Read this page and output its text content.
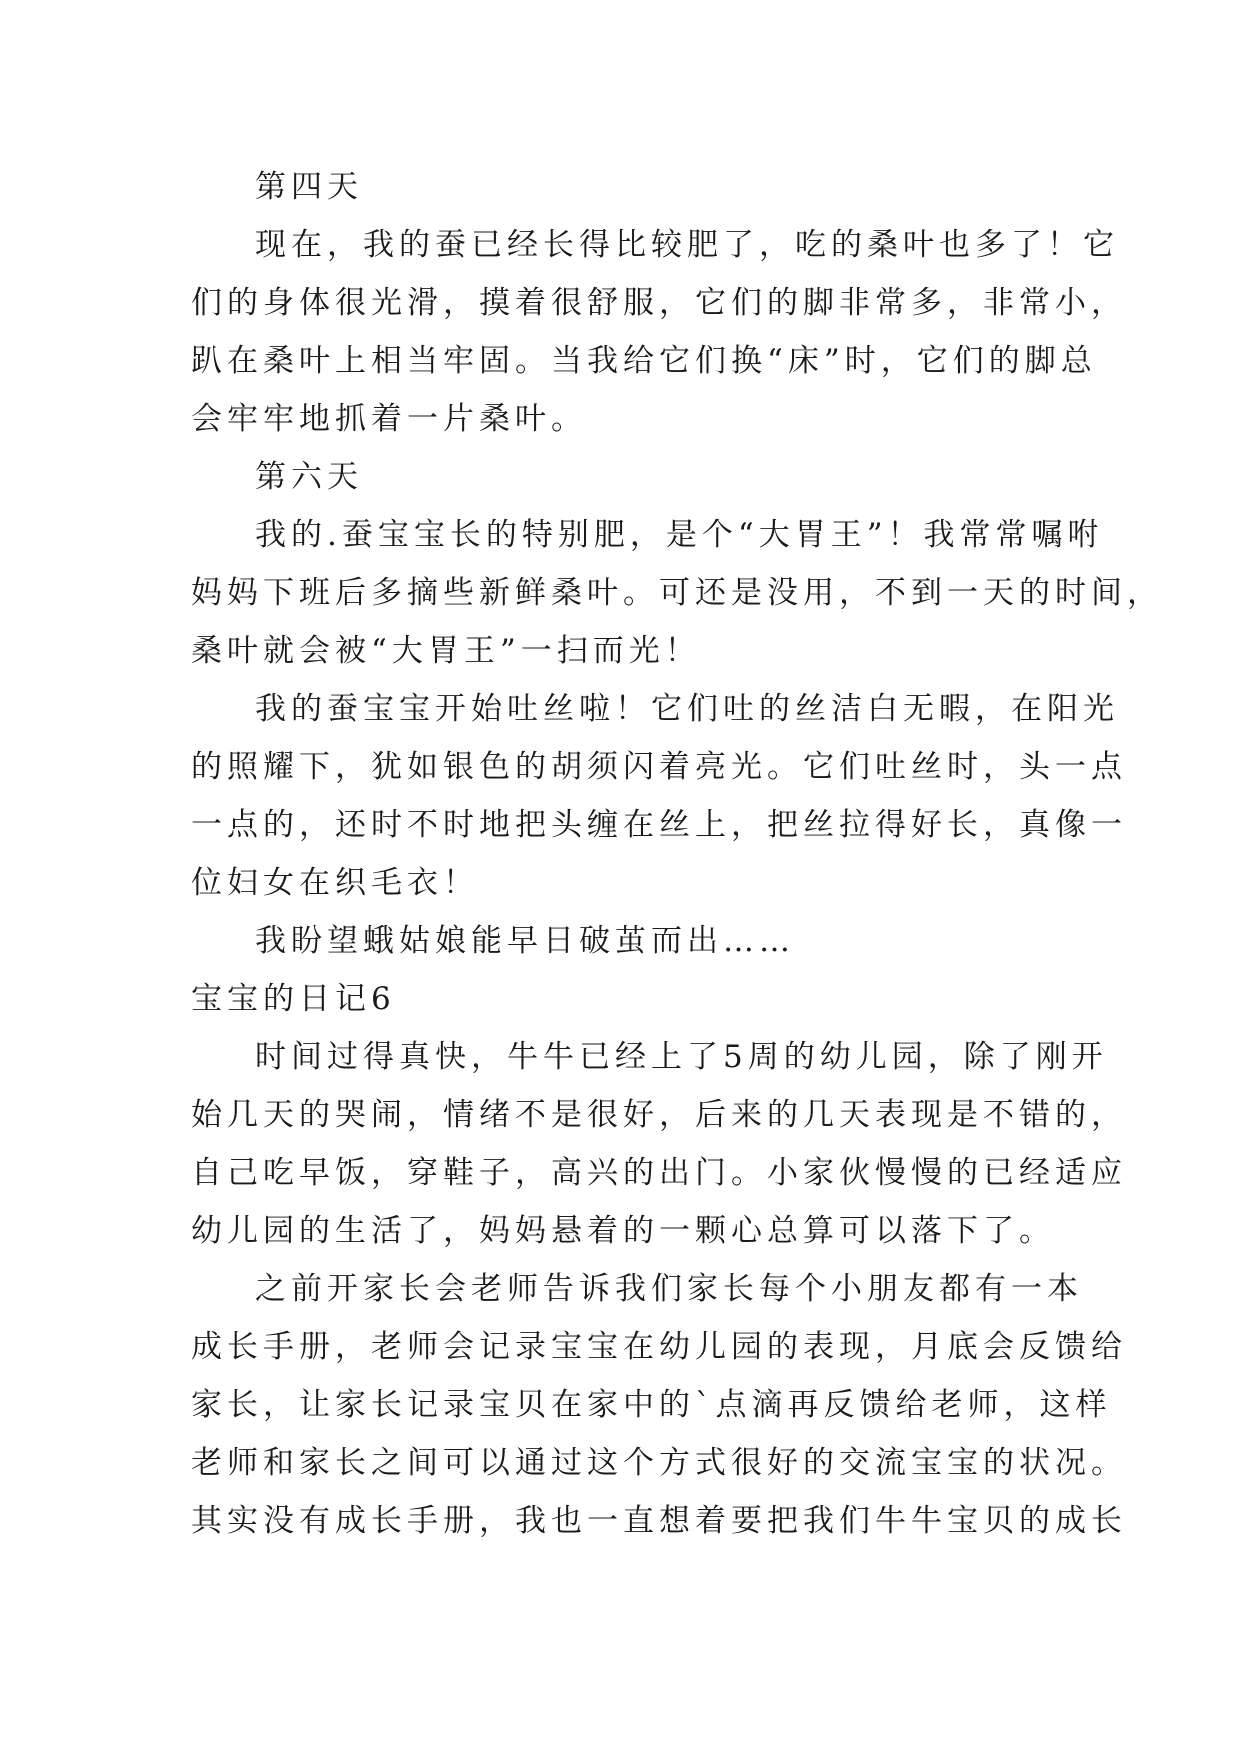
第四天
现在，我的蚕已经长得比较肥了，吃的桑叶也多了！它
们的身体很光滑，摸着很舒服，它们的脚非常多，非常小，
趴在桑叶上相当牢固。当我给它们换“床”时，它们的脚总
会牢牢地抓着一片桑叶。
第六天
我的.蚕宝宝长的特别肥，是个“大胃王”！我常常嘱咐
妈妈下班后多摘些新鲜桑叶。可还是没用，不到一天的时间，
桑叶就会被“大胃王”一扫而光！
我的蚕宝宝开始吐丝啦！它们吐的丝洁白无暇，在阳光
的照耀下，犹如银色的胡须闪着亮光。它们吐丝时，头一点
一点的，还时不时地把头缠在丝上，把丝拉得好长，真像一
位妇女在织毛衣！
我盼望蛾姑娘能早日破茧而出……
宝宝的日记6
时间过得真快，牛牛已经上了5周的幼儿园，除了刚开
始几天的哭闹，情绪不是很好，后来的几天表现是不错的，
自己吃早饭，穿鞋子，高兴的出门。小家伙慢慢的已经适应
幼儿园的生活了，妈妈悬着的一颗心总算可以落下了。
之前开家长会老师告诉我们家长每个小朋友都有一本
成长手册，老师会记录宝宝在幼儿园的表现，月底会反馈给
家长，让家长记录宝贝在家中的`点滴再反馈给老师，这样
老师和家长之间可以通过这个方式很好的交流宝宝的状况。
其实没有成长手册，我也一直想着要把我们牛牛宝贝的成长
